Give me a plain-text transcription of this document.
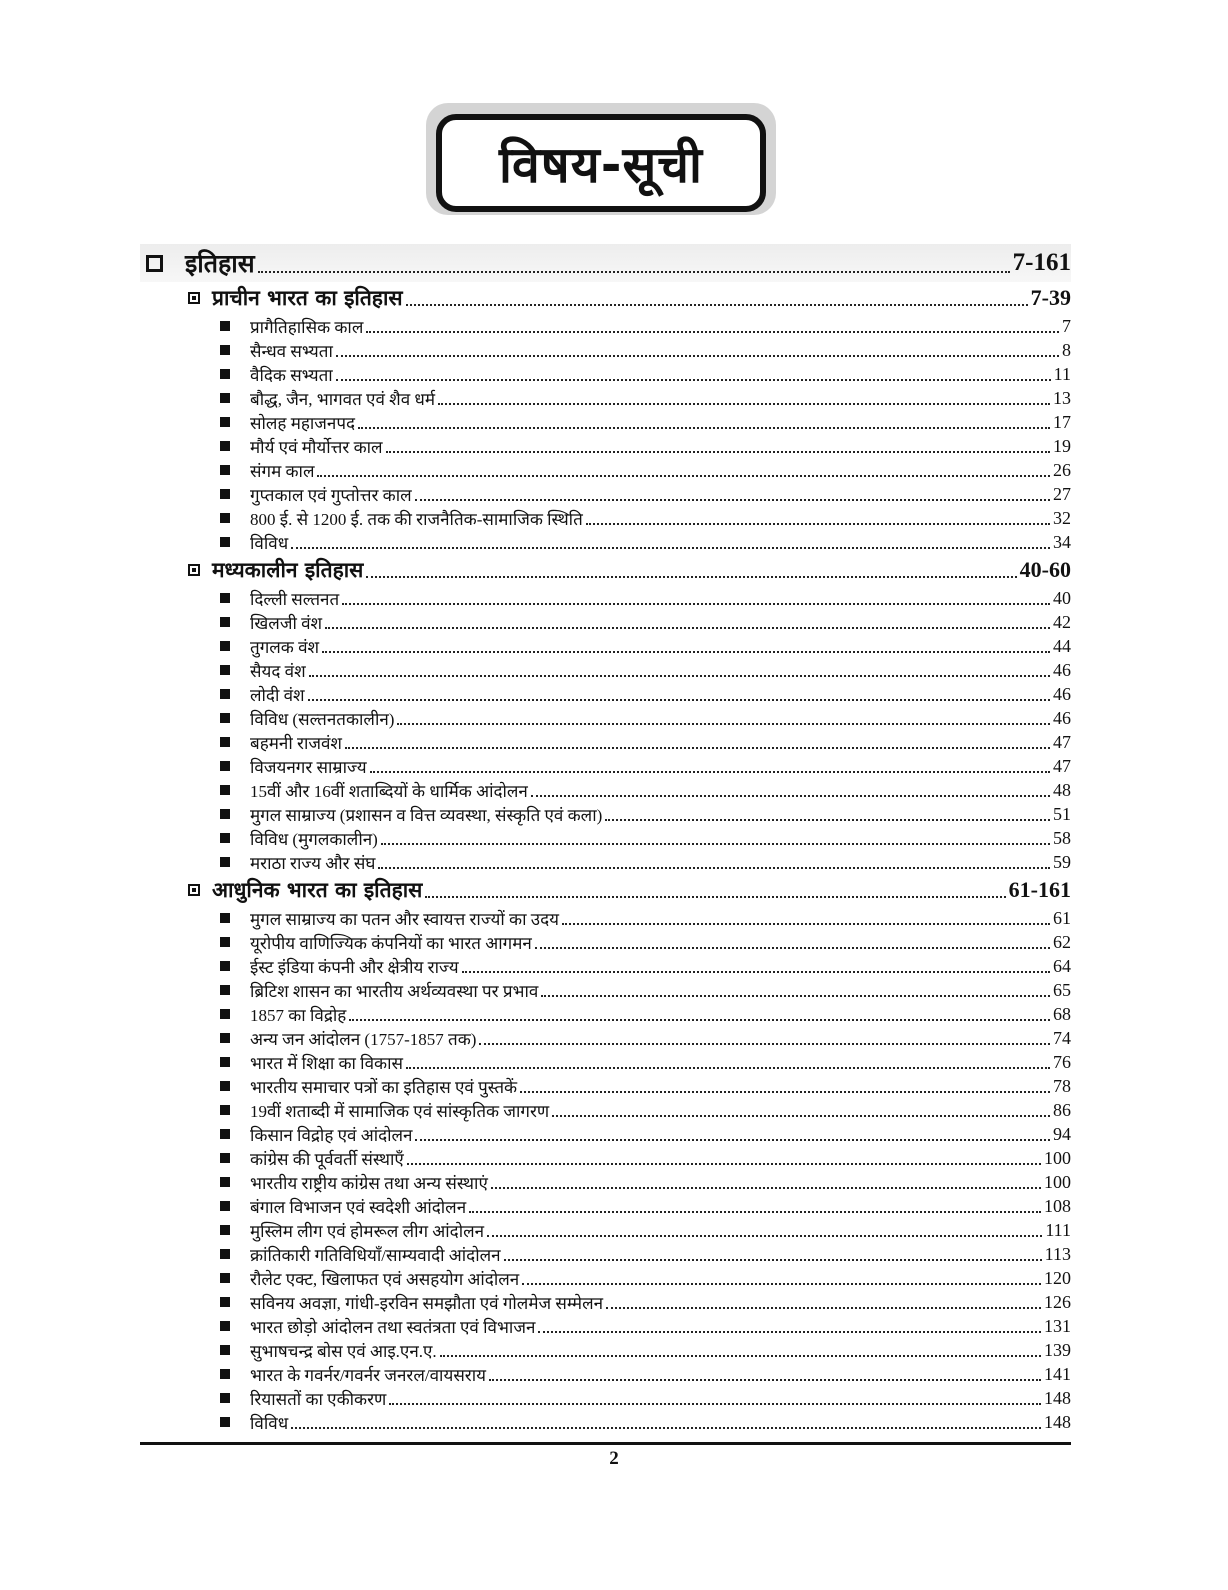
विषय-सूची
इतिहास	7-161
प्राचीन भारत का इतिहास	7-39
प्रागैतिहासिक काल	7
सैन्धव सभ्यता	8
वैदिक सभ्यता	11
बौद्ध, जैन, भागवत एवं शैव धर्म	13
सोलह महाजनपद	17
मौर्य एवं मौर्योत्तर काल	19
संगम काल	26
गुप्तकाल एवं गुप्तोत्तर काल	27
800 ई. से 1200 ई. तक की राजनैतिक-सामाजिक स्थिति	32
विविध	34
मध्यकालीन इतिहास	40-60
दिल्ली सल्तनत	40
खिलजी वंश	42
तुगलक वंश	44
सैयद वंश	46
लोदी वंश	46
विविध (सल्तनतकालीन)	46
बहमनी राजवंश	47
विजयनगर साम्राज्य	47
15वीं और 16वीं शताब्दियों के धार्मिक आंदोलन	48
मुगल साम्राज्य (प्रशासन व वित्त व्यवस्था, संस्कृति एवं कला)	51
विविध (मुगलकालीन)	58
मराठा राज्य और संघ	59
आधुनिक भारत का इतिहास	61-161
मुगल साम्राज्य का पतन और स्वायत्त राज्यों का उदय	61
यूरोपीय वाणिज्यिक कंपनियों का भारत आगमन	62
ईस्ट इंडिया कंपनी और क्षेत्रीय राज्य	64
ब्रिटिश शासन का भारतीय अर्थव्यवस्था पर प्रभाव	65
1857 का विद्रोह	68
अन्य जन आंदोलन (1757-1857 तक)	74
भारत में शिक्षा का विकास	76
भारतीय समाचार पत्रों का इतिहास एवं पुस्तकें	78
19वीं शताब्दी में सामाजिक एवं सांस्कृतिक जागरण	86
किसान विद्रोह एवं आंदोलन	94
कांग्रेस की पूर्ववर्ती संस्थाएँ	100
भारतीय राष्ट्रीय कांग्रेस तथा अन्य संस्थाएं	100
बंगाल विभाजन एवं स्वदेशी आंदोलन	108
मुस्लिम लीग एवं होमरूल लीग आंदोलन	111
क्रांतिकारी गतिविधियाँ/साम्यवादी आंदोलन	113
रौलेट एक्ट, खिलाफत एवं असहयोग आंदोलन	120
सविनय अवज्ञा, गांधी-इरविन समझौता एवं गोलमेज सम्मेलन	126
भारत छोड़ो आंदोलन तथा स्वतंत्रता एवं विभाजन	131
सुभाषचन्द्र बोस एवं आइ.एन.ए.	139
भारत के गवर्नर/गवर्नर जनरल/वायसराय	141
रियासतों का एकीकरण	148
विविध	148
2
